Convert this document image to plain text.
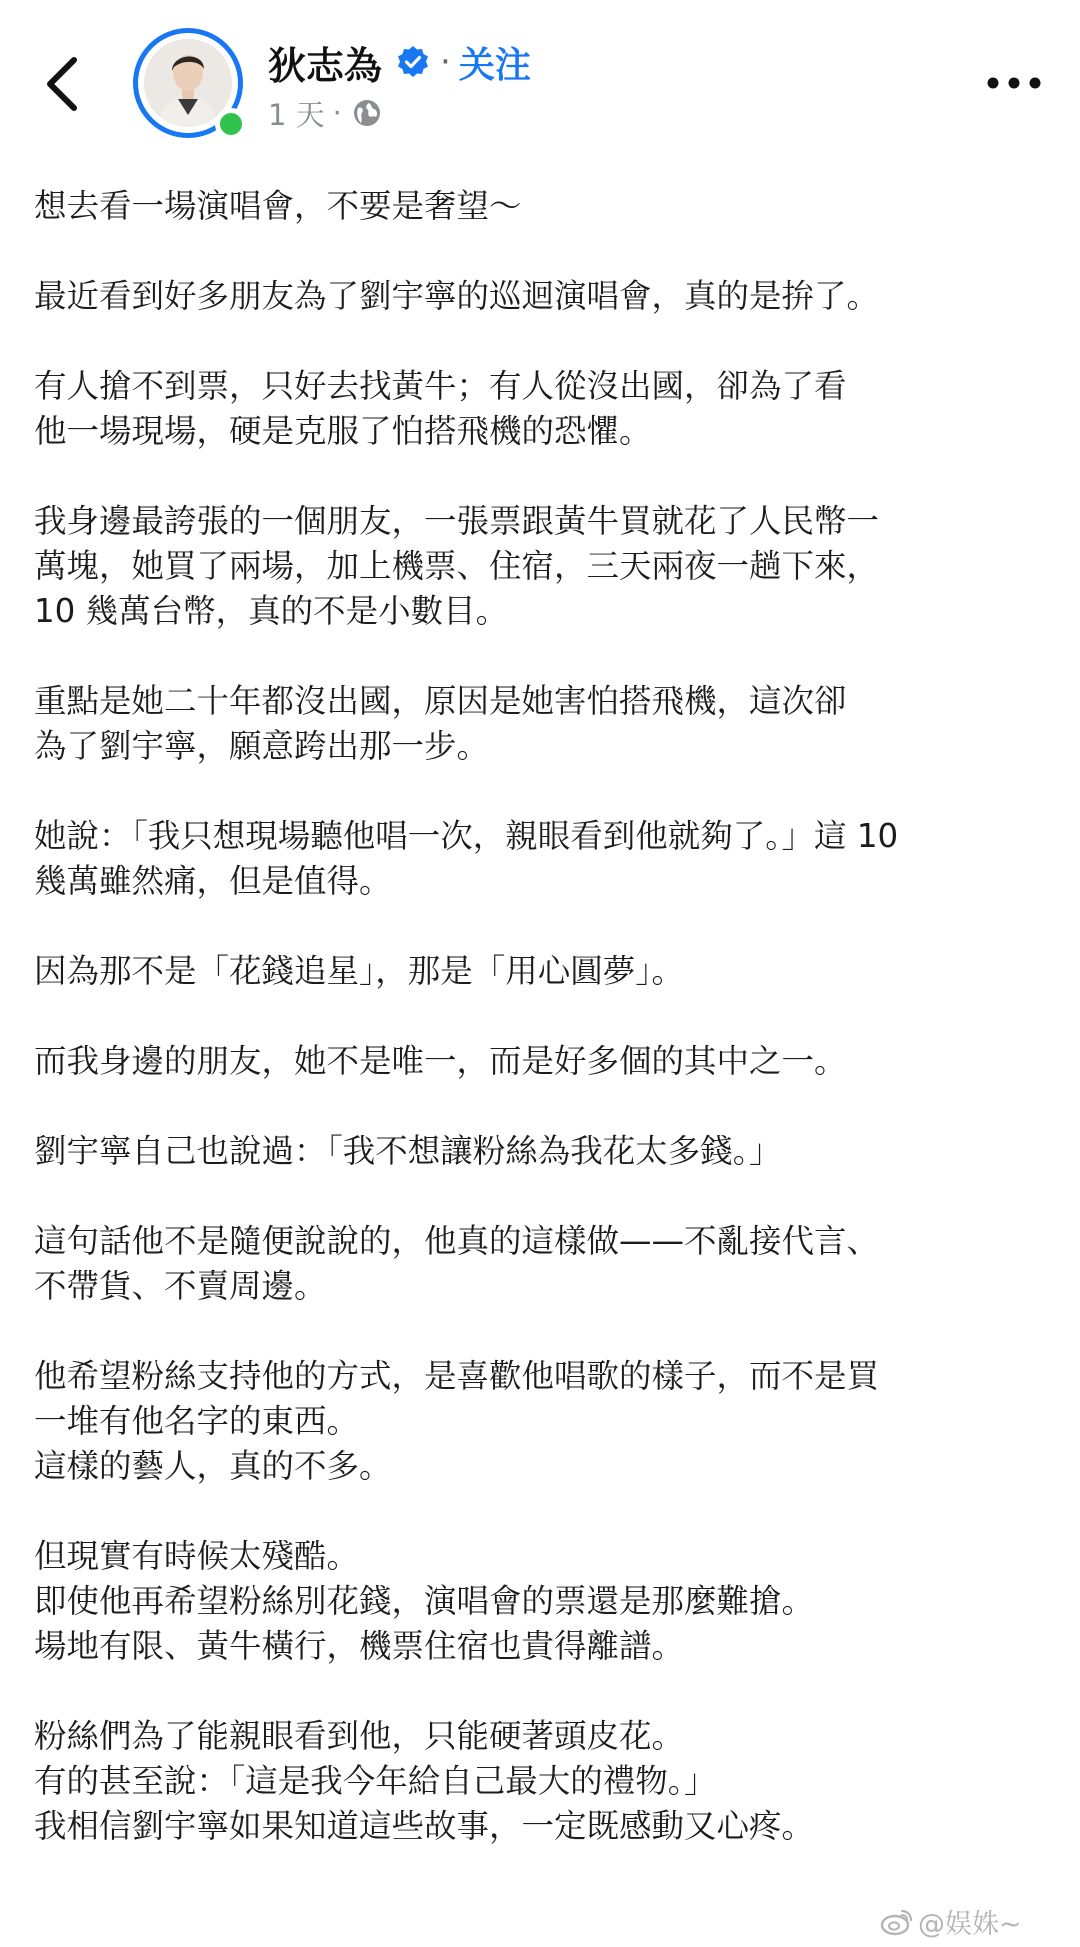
狄志為 · 关注
1 天 ·

想去看一場演唱會，不要是奢望～

最近看到好多朋友為了劉宇寧的巡迴演唱會，真的是拚了。

有人搶不到票，只好去找黃牛；有人從沒出國，卻為了看
他一場現場，硬是克服了怕搭飛機的恐懼。

我身邊最誇張的一個朋友，一張票跟黃牛買就花了人民幣一
萬塊，她買了兩場，加上機票、住宿，三天兩夜一趟下來，
10 幾萬台幣，真的不是小數目。

重點是她二十年都沒出國，原因是她害怕搭飛機，這次卻
為了劉宇寧，願意跨出那一步。

她說：「我只想現場聽他唱一次，親眼看到他就夠了。」這 10
幾萬雖然痛，但是值得。

因為那不是「花錢追星」，那是「用心圓夢」。

而我身邊的朋友，她不是唯一，而是好多個的其中之一。

劉宇寧自己也說過：「我不想讓粉絲為我花太多錢。」

這句話他不是隨便說說的，他真的這樣做——不亂接代言、
不帶貨、不賣周邊。

他希望粉絲支持他的方式，是喜歡他唱歌的樣子，而不是買
一堆有他名字的東西。
這樣的藝人，真的不多。

但現實有時候太殘酷。
即使他再希望粉絲別花錢，演唱會的票還是那麼難搶。
場地有限、黃牛橫行，機票住宿也貴得離譜。

粉絲們為了能親眼看到他，只能硬著頭皮花。
有的甚至說：「這是我今年給自己最大的禮物。」
我相信劉宇寧如果知道這些故事，一定既感動又心疼。

@娱姝~
